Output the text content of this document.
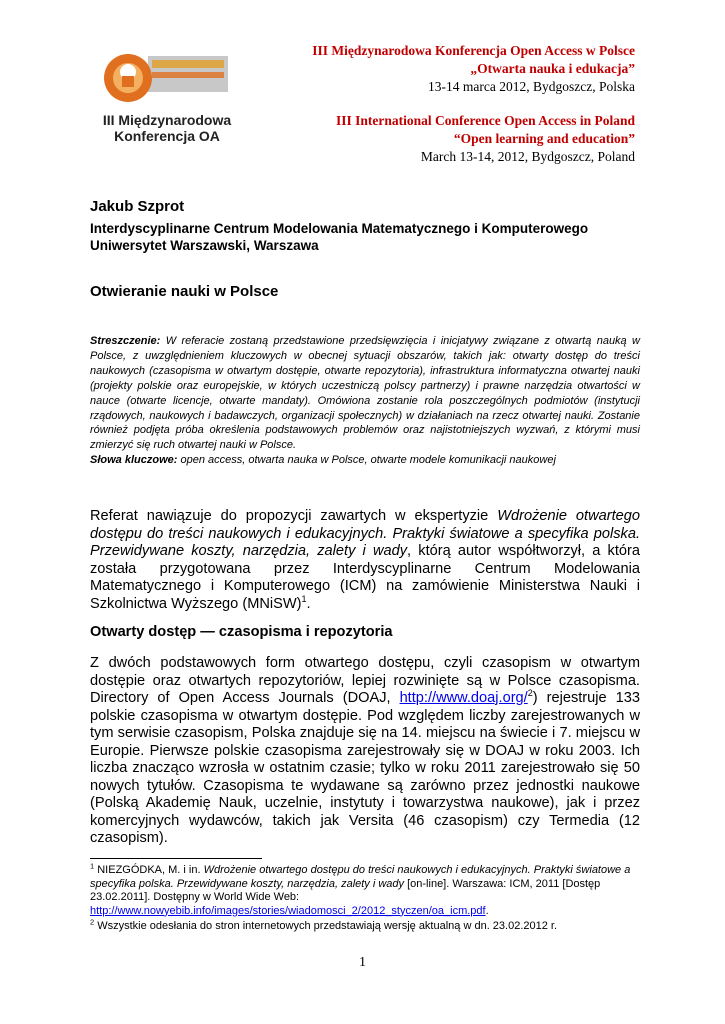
III Międzynarodowa
Konferencja OA
III Międzynarodowa Konferencja Open Access w Polsce
„Otwarta nauka i edukacja”
13-14 marca 2012, Bydgoszcz, Polska
III International Conference Open Access in Poland
“Open learning and education”
March 13-14, 2012, Bydgoszcz, Poland
Jakub Szprot
Interdyscyplinarne Centrum Modelowania Matematycznego i Komputerowego
Uniwersytet Warszawski, Warszawa
Otwieranie nauki w Polsce
Streszczenie: W referacie zostaną przedstawione przedsięwzięcia i inicjatywy związane z otwartą nauką w Polsce, z uwzględnieniem kluczowych w obecnej sytuacji obszarów, takich jak: otwarty dostęp do treści naukowych (czasopisma w otwartym dostępie, otwarte repozytoria), infrastruktura informatyczna otwartej nauki (projekty polskie oraz europejskie, w których uczestniczą polscy partnerzy) i prawne narzędzia otwartości w nauce (otwarte licencje, otwarte mandaty). Omówiona zostanie rola poszczególnych podmiotów (instytucji rządowych, naukowych i badawczych, organizacji społecznych) w działaniach na rzecz otwartej nauki. Zostanie również podjęta próba określenia podstawowych problemów oraz najistotniejszych wyzwań, z którymi musi zmierzyć się ruch otwartej nauki w Polsce.
Słowa kluczowe: open access, otwarta nauka w Polsce, otwarte modele komunikacji naukowej
Referat nawiązuje do propozycji zawartych w ekspertyzie Wdrożenie otwartego dostępu do treści naukowych i edukacyjnych. Praktyki światowe a specyfika polska. Przewidywane koszty, narzędzia, zalety i wady, którą autor współtworzył, a która została przygotowana przez Interdyscyplinarne Centrum Modelowania Matematycznego i Komputerowego (ICM) na zamówienie Ministerstwa Nauki i Szkolnictwa Wyższego (MNiSW)$^1$.
Otwarty dostęp — czasopisma i repozytoria
Z dwóch podstawowych form otwartego dostępu, czyli czasopism w otwartym dostępie oraz otwartych repozytoriów, lepiej rozwinięte są w Polsce czasopisma. Directory of Open Access Journals (DOAJ, http://www.doaj.org/$^2$) rejestruje 133 polskie czasopisma w otwartym dostępie. Pod względem liczby zarejestrowanych w tym serwisie czasopism, Polska znajduje się na 14. miejscu na świecie i 7. miejscu w Europie. Pierwsze polskie czasopisma zarejestrowały się w DOAJ w roku 2003. Ich liczba znacząco wzrosła w ostatnim czasie; tylko w roku 2011 zarejestrowało się 50 nowych tytułów. Czasopisma te wydawane są zarówno przez jednostki naukowe (Polską Akademię Nauk, uczelnie, instytuty i towarzystwa naukowe), jak i przez komercyjnych wydawców, takich jak Versita (46 czasopism) czy Termedia (12 czasopism).
$^1$ NIEZGÓDKA, M. i in. Wdrożenie otwartego dostępu do treści naukowych i edukacyjnych. Praktyki światowe a specyfika polska. Przewidywane koszty, narzędzia, zalety i wady [on-line]. Warszawa: ICM, 2011 [Dostęp 23.02.2011]. Dostępny w World Wide Web: http://www.nowyebib.info/images/stories/wiadomosci_2/2012_styczen/oa_icm.pdf.
$^2$ Wszystkie odesłania do stron internetowych przedstawiają wersję aktualną w dn. 23.02.2012 r.
1
